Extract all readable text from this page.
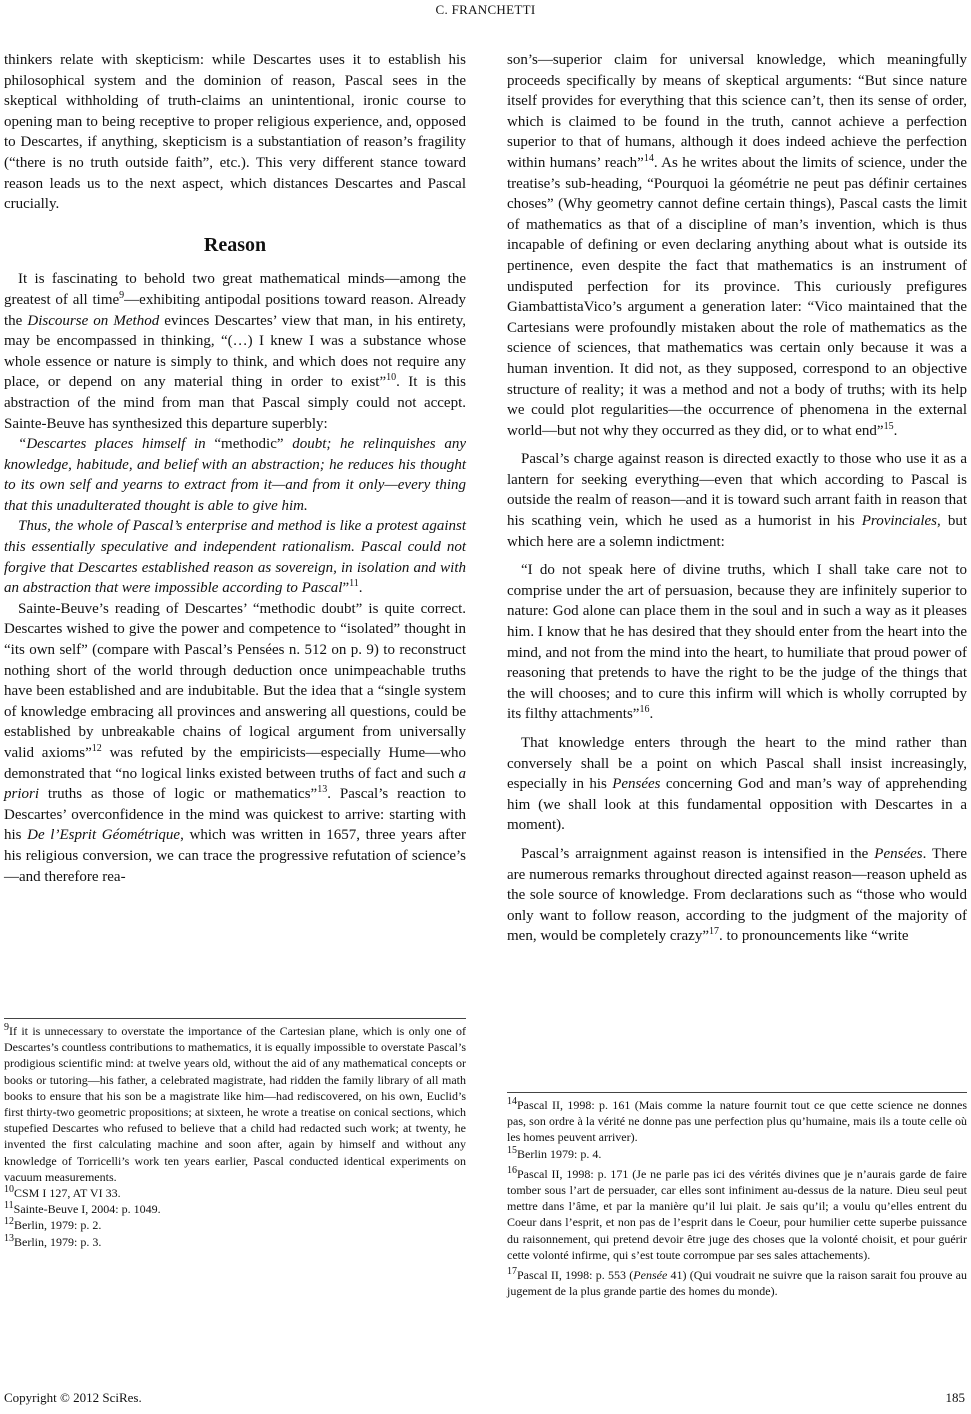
C. FRANCHETTI

thinkers relate with skepticism: while Descartes uses it to establish his philosophical system and the dominion of reason, Pascal sees in the skeptical withholding of truth-claims an unintentional, ironic course to opening man to being receptive to proper religious experience, and, opposed to Descartes, if anything, skepticism is a substantiation of reason’s fragility (“there is no truth outside faith”, etc.). This very different stance toward reason leads us to the next aspect, which distances Descartes and Pascal crucially.

Reason

It is fascinating to behold two great mathematical minds—among the greatest of all time$^9$—exhibiting antipodal positions toward reason. Already the Discourse on Method evinces Descartes’ view that man, in his entirety, may be encompassed in thinking, “(…) I knew I was a substance whose whole essence or nature is simply to think, and which does not require any place, or depend on any material thing in order to exist”$^{10}$. It is this abstraction of the mind from man that Pascal simply could not accept. Sainte-Beuve has synthesized this departure superbly:

“Descartes places himself in “methodic” doubt; he relinquishes any knowledge, habitude, and belief with an abstraction; he reduces his thought to its own self and yearns to extract from it—and from it only—every thing that this unadulterated thought is able to give him.

Thus, the whole of Pascal’s enterprise and method is like a protest against this essentially speculative and independent rationalism. Pascal could not forgive that Descartes established reason as sovereign, in isolation and with an abstraction that were impossible according to Pascal”$^{11}$.

Sainte-Beuve’s reading of Descartes’ “methodic doubt” is quite correct. Descartes wished to give the power and competence to “isolated” thought in “its own self” (compare with Pascal’s Pensées n. 512 on p. 9) to reconstruct nothing short of the world through deduction once unimpeachable truths have been established and are indubitable. But the idea that a “single system of knowledge embracing all provinces and answering all questions, could be established by unbreakable chains of logical argument from universally valid axioms”$^{12}$ was refuted by the empiricists—especially Hume—who demonstrated that “no logical links existed between truths of fact and such a priori truths as those of logic or mathematics”$^{13}$. Pascal’s reaction to Descartes’ overconfidence in the mind was quickest to arrive: starting with his De l’Esprit Géométrique, which was written in 1657, three years after his religious conversion, we can trace the progressive refutation of science’s—and therefore rea-

son’s—superior claim for universal knowledge, which meaningfully proceeds specifically by means of skeptical arguments: “But since nature itself provides for everything that this science can’t, then its sense of order, which is claimed to be found in the truth, cannot achieve a perfection superior to that of humans, although it does indeed achieve the perfection within humans’ reach”$^{14}$. As he writes about the limits of science, under the treatise’s sub-heading, “Pourquoi la géométrie ne peut pas définir certaines choses” (Why geometry cannot define certain things), Pascal casts the limit of mathematics as that of a discipline of man’s invention, which is thus incapable of defining or even declaring anything about what is outside its pertinence, even despite the fact that mathematics is an instrument of undisputed perfection for its province. This curiously prefigures GiambattistaVico’s argument a generation later: “Vico maintained that the Cartesians were profoundly mistaken about the role of mathematics as the science of sciences, that mathematics was certain only because it was a human invention. It did not, as they supposed, correspond to an objective structure of reality; it was a method and not a body of truths; with its help we could plot regularities—the occurrence of phenomena in the external world—but not why they occurred as they did, or to what end”$^{15}$.

Pascal’s charge against reason is directed exactly to those who use it as a lantern for seeking everything—even that which according to Pascal is outside the realm of reason—and it is toward such arrant faith in reason that his scathing vein, which he used as a humorist in his Provinciales, but which here are a solemn indictment:

“I do not speak here of divine truths, which I shall take care not to comprise under the art of persuasion, because they are infinitely superior to nature: God alone can place them in the soul and in such a way as it pleases him. I know that he has desired that they should enter from the heart into the mind, and not from the mind into the heart, to humiliate that proud power of reasoning that pretends to have the right to be the judge of the things that the will chooses; and to cure this infirm will which is wholly corrupted by its filthy attachments”$^{16}$.

That knowledge enters through the heart to the mind rather than conversely shall be a point on which Pascal shall insist increasingly, especially in his Pensées concerning God and man’s way of apprehending him (we shall look at this fundamental opposition with Descartes in a moment).

Pascal’s arraignment against reason is intensified in the Pensées. There are numerous remarks throughout directed against reason—reason upheld as the sole source of knowledge. From declarations such as “those who would only want to follow reason, according to the judgment of the majority of men, would be completely crazy”$^{17}$. to pronouncements like “write

$^9$If it is unnecessary to overstate the importance of the Cartesian plane, which is only one of Descartes’s countless contributions to mathematics, it is equally impossible to overstate Pascal’s prodigious scientific mind: at twelve years old, without the aid of any mathematical concepts or books or tutoring—his father, a celebrated magistrate, had ridden the family library of all math books to ensure that his son be a magistrate like him—had rediscovered, on his own, Euclid’s first thirty-two geometric propositions; at sixteen, he wrote a treatise on conical sections, which stupefied Descartes who refused to believe that a child had redacted such work; at twenty, he invented the first calculating machine and soon after, again by himself and without any knowledge of Torricelli’s work ten years earlier, Pascal conducted identical experiments on vacuum measurements.

$^{10}$CSM I 127, AT VI 33.

$^{11}$Sainte-Beuve I, 2004: p. 1049.

$^{12}$Berlin, 1979: p. 2.

$^{13}$Berlin, 1979: p. 3.

$^{14}$Pascal II, 1998: p. 161 (Mais comme la nature fournit tout ce que cette science ne donnes pas, son ordre à la vérité ne donne pas une perfection plus qu’humaine, mais ils a toute celle où les homes peuvent arriver).

$^{15}$Berlin 1979: p. 4.

$^{16}$Pascal II, 1998: p. 171 (Je ne parle pas ici des vérités divines que je n’aurais garde de faire tomber sous l’art de persuader, car elles sont infiniment au-dessus de la nature. Dieu seul peut mettre dans l’âme, et par la manière qu’il lui plait. Je sais qu’il; a voulu qu’elles entrent du Coeur dans l’esprit, et non pas de l’esprit dans le Coeur, pour humilier cette superbe puissance du raisonnement, qui pretend devoir être juge des choses que la volonté choisit, et pour guérir cette volonté infirme, qui s’est toute corrompue par ses sales attachements).

$^{17}$Pascal II, 1998: p. 553 (Pensée 41) (Qui voudrait ne suivre que la raison sarait fou prouve au jugement de la plus grande partie des homes du monde).

Copyright © 2012 SciRes.	185
